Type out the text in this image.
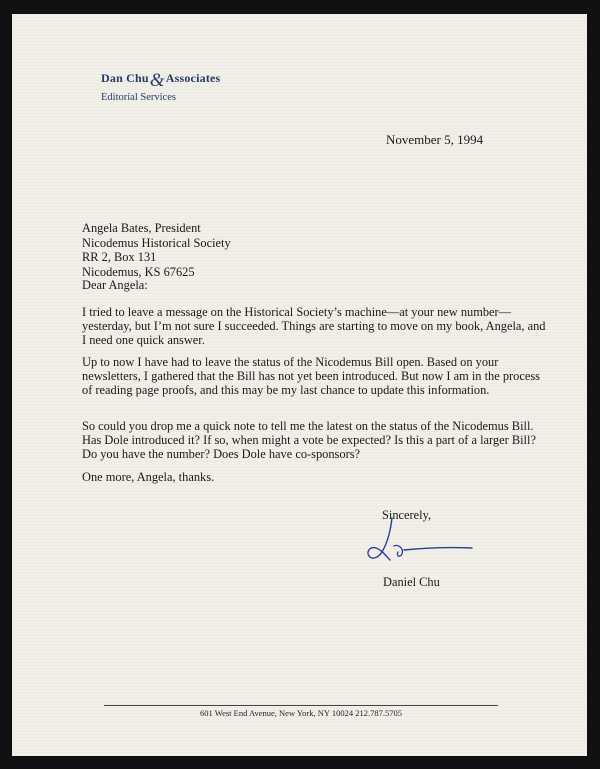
Dan Chu&Associates
Editorial Services
November 5, 1994
Angela Bates, President
Nicodemus Historical Society
RR 2, Box 131
Nicodemus, KS 67625
Dear Angela:

I tried to leave a message on the Historical Society’s machine—at your new number—yesterday, but I’m not sure I succeeded. Things are starting to move on my book, Angela, and I need one quick answer.

Up to now I have had to leave the status of the Nicodemus Bill open. Based on your newsletters, I gathered that the Bill has not yet been introduced. But now I am in the process of reading page proofs, and this may be my last chance to update this information.

So could you drop me a quick note to tell me the latest on the status of the Nicodemus Bill. Has Dole introduced it? If so, when might a vote be expected? Is this a part of a larger Bill? Do you have the number? Does Dole have co-sponsors?

One more, Angela, thanks.

Sincerely,
Daniel Chu
601 West End Avenue, New York, NY 10024 212.787.5705
